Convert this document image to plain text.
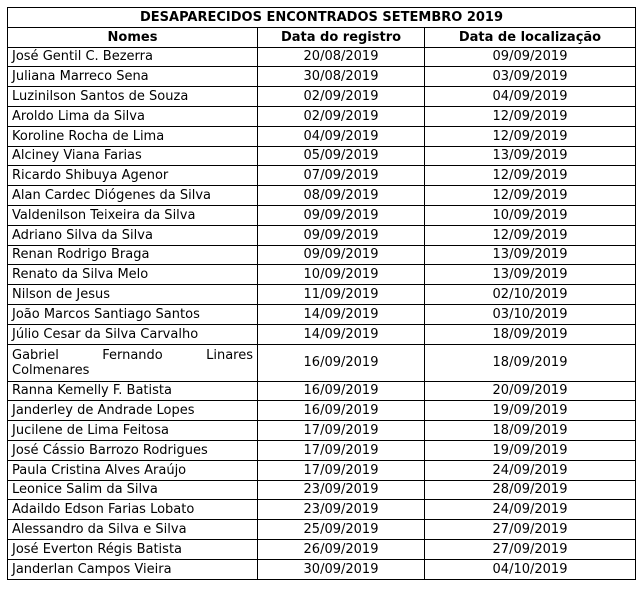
DESAPARECIDOS ENCONTRADOS SETEMBRO 2019		
Nomes	Data do registro	Data de localização
José Gentil C. Bezerra	20/08/2019	09/09/2019
Juliana Marreco Sena	30/08/2019	03/09/2019
Luzinilson Santos de Souza	02/09/2019	04/09/2019
Aroldo Lima da Silva	02/09/2019	12/09/2019
Koroline Rocha de Lima	04/09/2019	12/09/2019
Alciney Viana Farias	05/09/2019	13/09/2019
Ricardo Shibuya Agenor	07/09/2019	12/09/2019
Alan Cardec Diógenes da Silva	08/09/2019	12/09/2019
Valdenilson Teixeira da Silva	09/09/2019	10/09/2019
Adriano Silva da Silva	09/09/2019	12/09/2019
Renan Rodrigo Braga	09/09/2019	13/09/2019
Renato da Silva Melo	10/09/2019	13/09/2019
Nilson de Jesus	11/09/2019	02/10/2019
João Marcos Santiago Santos	14/09/2019	03/10/2019
Júlio Cesar da Silva Carvalho	14/09/2019	18/09/2019
Gabriel Fernando Linares Colmenares	16/09/2019	18/09/2019
Ranna Kemelly F. Batista	16/09/2019	20/09/2019
Janderley de Andrade Lopes	16/09/2019	19/09/2019
Jucilene de Lima Feitosa	17/09/2019	18/09/2019
José Cássio Barrozo Rodrigues	17/09/2019	19/09/2019
Paula Cristina Alves Araújo	17/09/2019	24/09/2019
Leonice Salim da Silva	23/09/2019	28/09/2019
Adaildo Edson Farias Lobato	23/09/2019	24/09/2019
Alessandro da Silva e Silva	25/09/2019	27/09/2019
José Everton Régis Batista	26/09/2019	27/09/2019
Janderlan Campos Vieira	30/09/2019	04/10/2019
